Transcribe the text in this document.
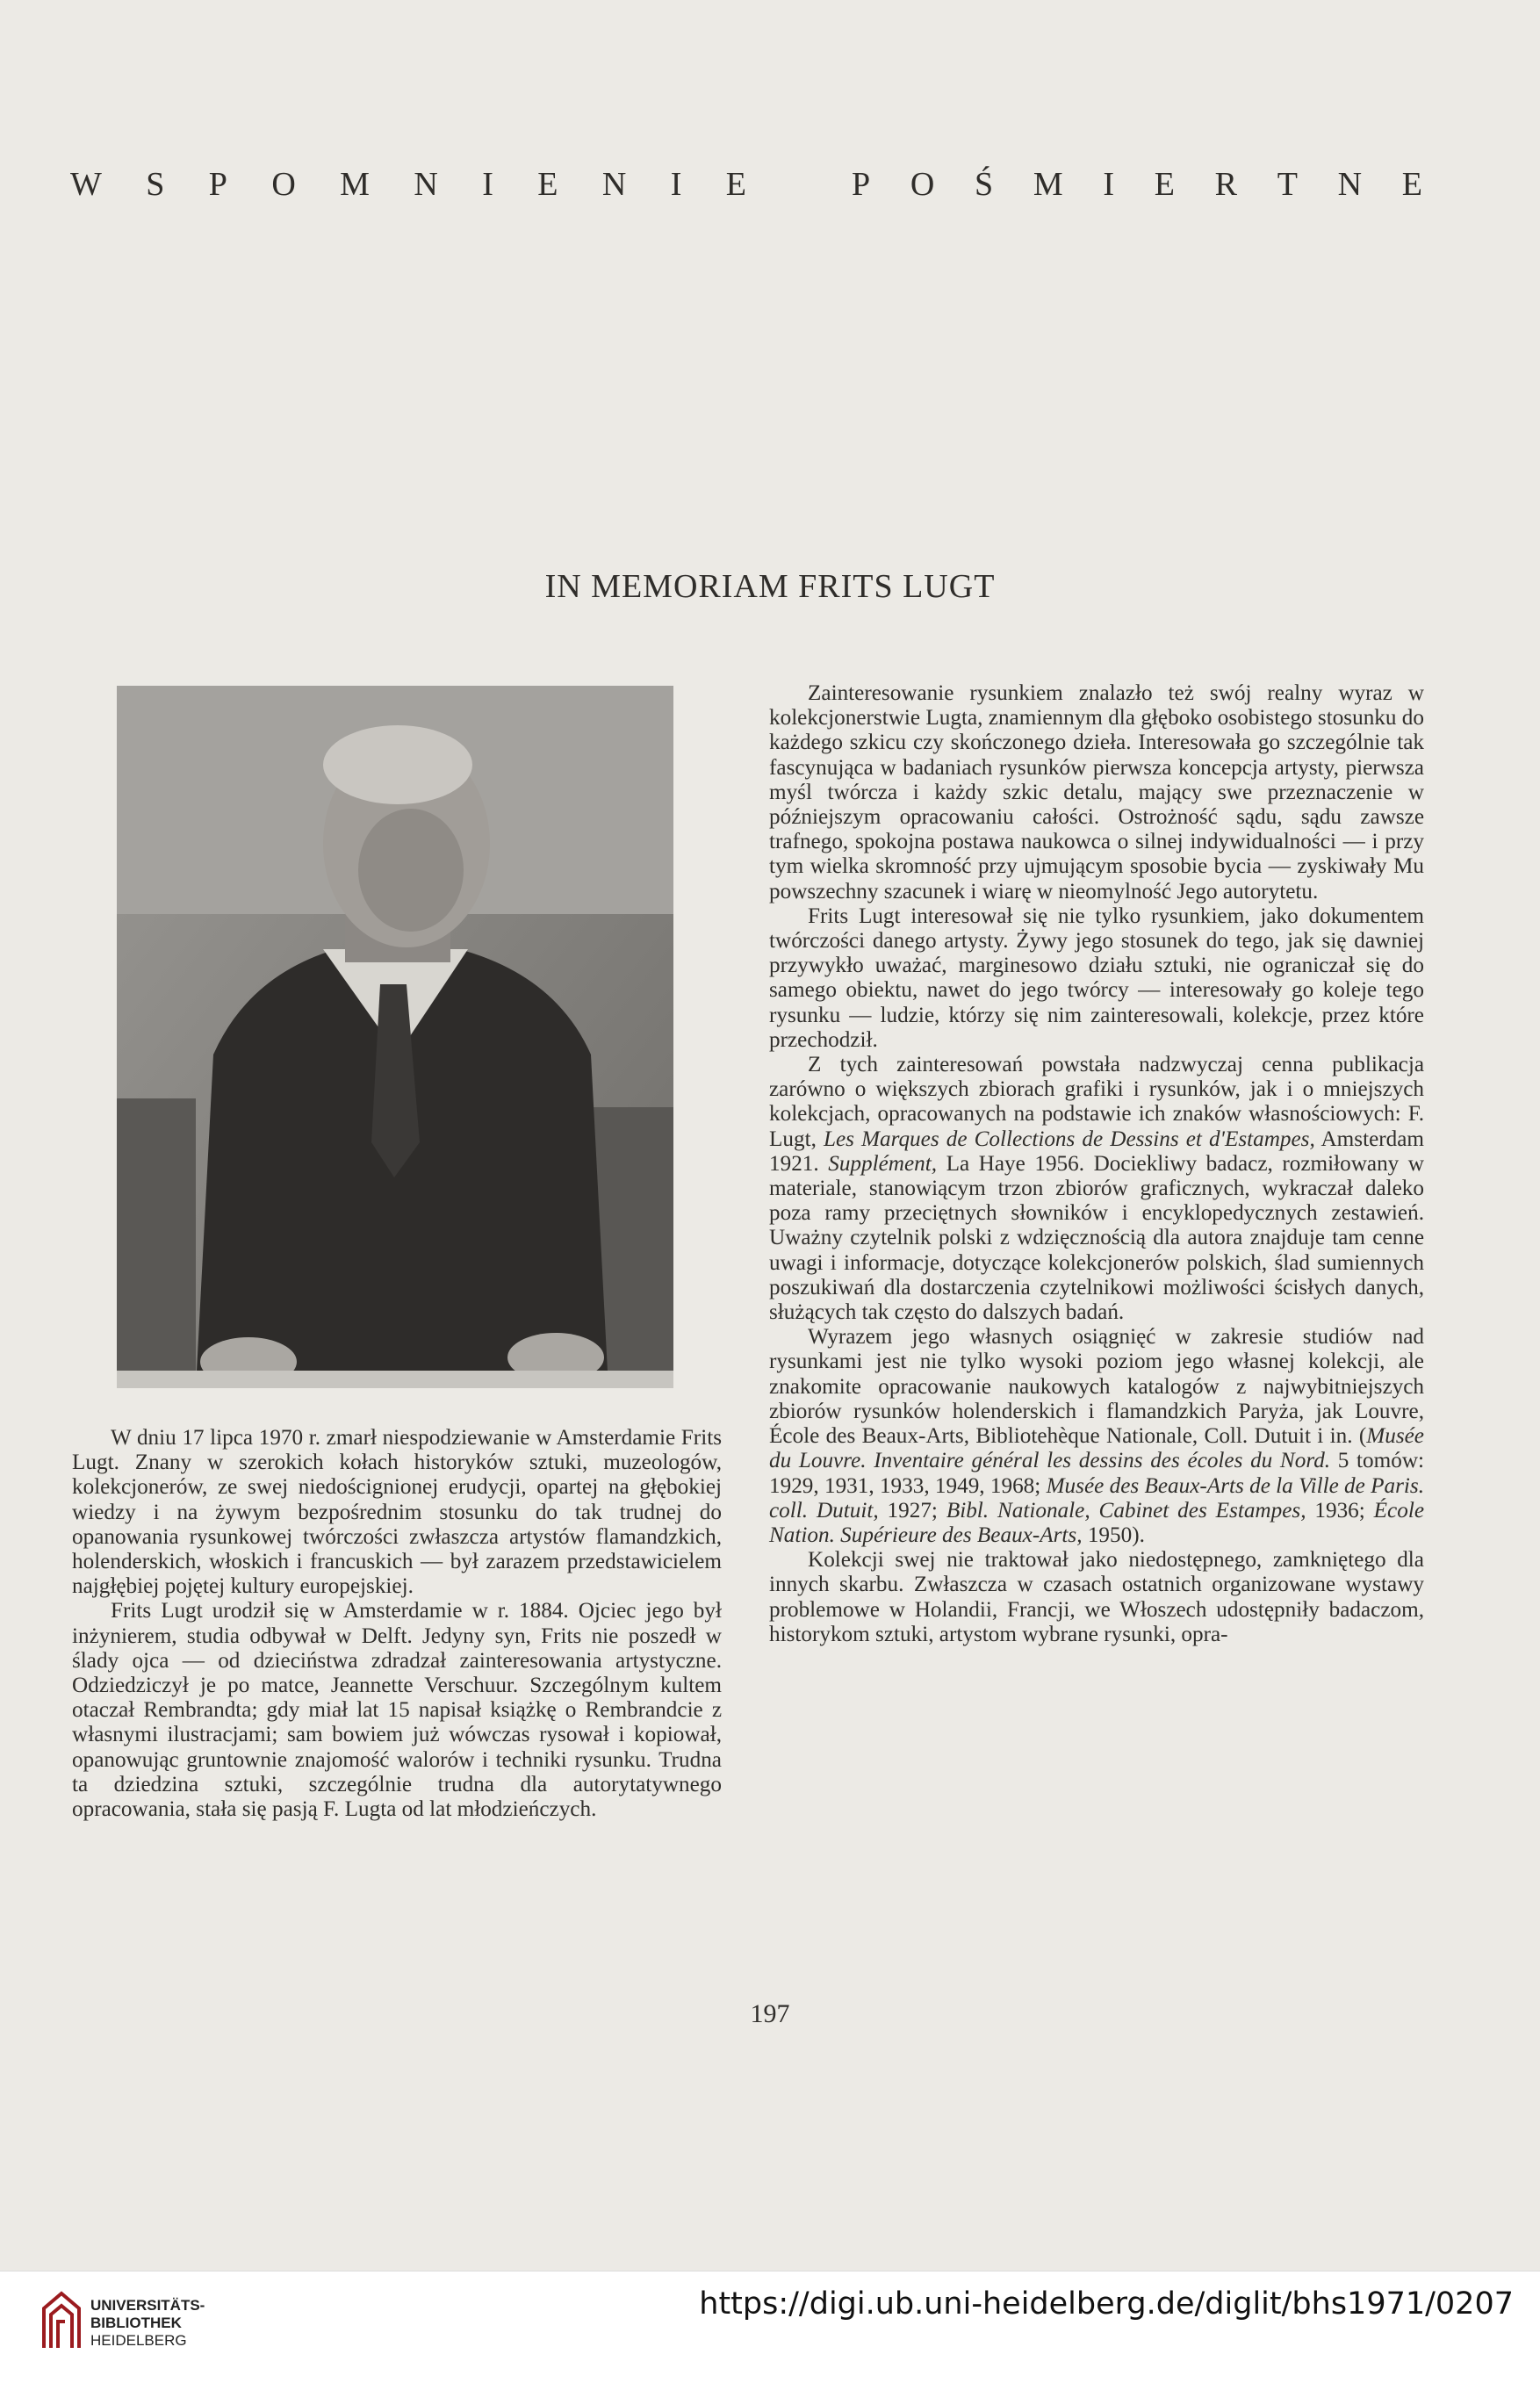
W S P O M N I E N I E	P O Ś M I E R T N E
IN MEMORIAM FRITS LUGT

W dniu 17 lipca 1970 r. zmarł niespodziewanie w Amsterdamie Frits Lugt. Znany w szerokich kołach historyków sztuki, muzeologów, kolekcjonerów, ze swej niedoścignionej erudycji, opartej na głębokiej wiedzy i na żywym bezpośrednim stosunku do tak trudnej do opanowania rysunkowej twórczości zwłaszcza artystów flamandzkich, holenderskich, włoskich i francuskich — był zarazem przedstawicielem najgłębiej pojętej kultury europejskiej.

Frits Lugt urodził się w Amsterdamie w r. 1884. Ojciec jego był inżynierem, studia odbywał w Delft. Jedyny syn, Frits nie poszedł w ślady ojca — od dzieciństwa zdradzał zainteresowania artystyczne. Odziedziczył je po matce, Jeannette Verschuur. Szczególnym kultem otaczał Rembrandta; gdy miał lat 15 napisał książkę o Rembrandcie z własnymi ilustracjami; sam bowiem już wówczas rysował i kopiował, opanowując gruntownie znajomość walorów i techniki rysunku. Trudna ta dziedzina sztuki, szczególnie trudna dla autorytatywnego opracowania, stała się pasją F. Lugta od lat młodzieńczych.

Zainteresowanie rysunkiem znalazło też swój realny wyraz w kolekcjonerstwie Lugta, znamiennym dla głęboko osobistego stosunku do każdego szkicu czy skończonego dzieła. Interesowała go szczególnie tak fascynująca w badaniach rysunków pierwsza koncepcja artysty, pierwsza myśl twórcza i każdy szkic detalu, mający swe przeznaczenie w późniejszym opracowaniu całości. Ostrożność sądu, sądu zawsze trafnego, spokojna postawa naukowca o silnej indywidualności — i przy tym wielka skromność przy ujmującym sposobie bycia — zyskiwały Mu powszechny szacunek i wiarę w nieomylność Jego autorytetu.

Frits Lugt interesował się nie tylko rysunkiem, jako dokumentem twórczości danego artysty. Żywy jego stosunek do tego, jak się dawniej przywykło uważać, marginesowo działu sztuki, nie ograniczał się do samego obiektu, nawet do jego twórcy — interesowały go koleje tego rysunku — ludzie, którzy się nim zainteresowali, kolekcje, przez które przechodził.

Z tych zainteresowań powstała nadzwyczaj cenna publikacja zarówno o większych zbiorach grafiki i rysunków, jak i o mniejszych kolekcjach, opracowanych na podstawie ich znaków własnościowych: F. Lugt, Les Marques de Collections de Dessins et d'Estampes, Amsterdam 1921. Supplément, La Haye 1956. Dociekliwy badacz, rozmiłowany w materiale, stanowiącym trzon zbiorów graficznych, wykraczał daleko poza ramy przeciętnych słowników i encyklopedycznych zestawień. Uważny czytelnik polski z wdzięcznością dla autora znajduje tam cenne uwagi i informacje, dotyczące kolekcjonerów polskich, ślad sumiennych poszukiwań dla dostarczenia czytelnikowi możliwości ścisłych danych, służących tak często do dalszych badań.

Wyrazem jego własnych osiągnięć w zakresie studiów nad rysunkami jest nie tylko wysoki poziom jego własnej kolekcji, ale znakomite opracowanie naukowych katalogów z najwybitniejszych zbiorów rysunków holenderskich i flamandzkich Paryża, jak Louvre, École des Beaux-Arts, Bibliotehèque Nationale, Coll. Dutuit i in. (Musée du Louvre. Inventaire général les dessins des écoles du Nord. 5 tomów: 1929, 1931, 1933, 1949, 1968; Musée des Beaux-Arts de la Ville de Paris. coll. Dutuit, 1927; Bibl. Nationale, Cabinet des Estampes, 1936; École Nation. Supérieure des Beaux-Arts, 1950).

Kolekcji swej nie traktował jako niedostępnego, zamkniętego dla innych skarbu. Zwłaszcza w czasach ostatnich organizowane wystawy problemowe w Holandii, Francji, we Włoszech udostępniły badaczom, historykom sztuki, artystom wybrane rysunki, opra-

197
UNIVERSITÄTS-
BIBLIOTHEK
HEIDELBERG
https://digi.ub.uni-heidelberg.de/diglit/bhs1971/0207
